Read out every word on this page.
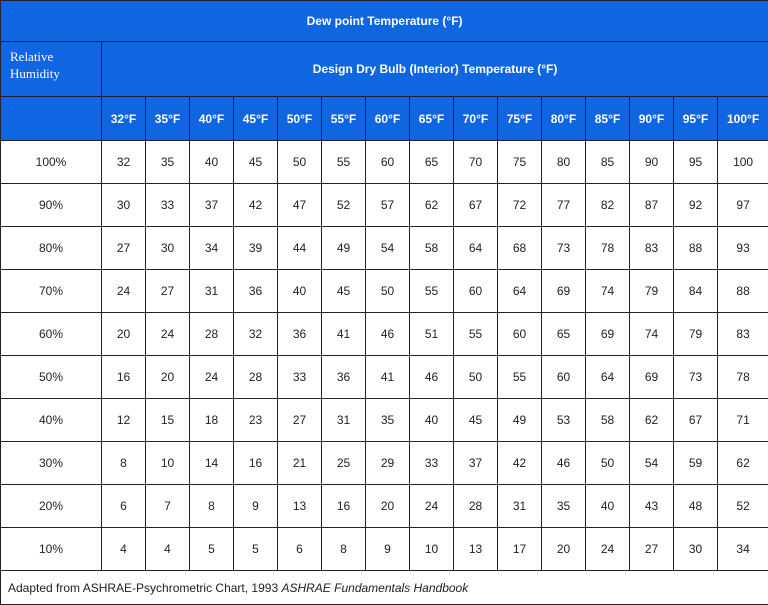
Dew point Temperature (°F)															
Relative
Humidity	Design Dry Bulb (Interior) Temperature (°F)														
	32°F	35°F	40°F	45°F	50°F	55°F	60°F	65°F	70°F	75°F	80°F	85°F	90°F	95°F	100°F
100%	32	35	40	45	50	55	60	65	70	75	80	85	90	95	100
90%	30	33	37	42	47	52	57	62	67	72	77	82	87	92	97
80%	27	30	34	39	44	49	54	58	64	68	73	78	83	88	93
70%	24	27	31	36	40	45	50	55	60	64	69	74	79	84	88
60%	20	24	28	32	36	41	46	51	55	60	65	69	74	79	83
50%	16	20	24	28	33	36	41	46	50	55	60	64	69	73	78
40%	12	15	18	23	27	31	35	40	45	49	53	58	62	67	71
30%	8	10	14	16	21	25	29	33	37	42	46	50	54	59	62
20%	6	7	8	9	13	16	20	24	28	31	35	40	43	48	52
10%	4	4	5	5	6	8	9	10	13	17	20	24	27	30	34
Adapted from ASHRAE-Psychrometric Chart, 1993 ASHRAE Fundamentals Handbook															
